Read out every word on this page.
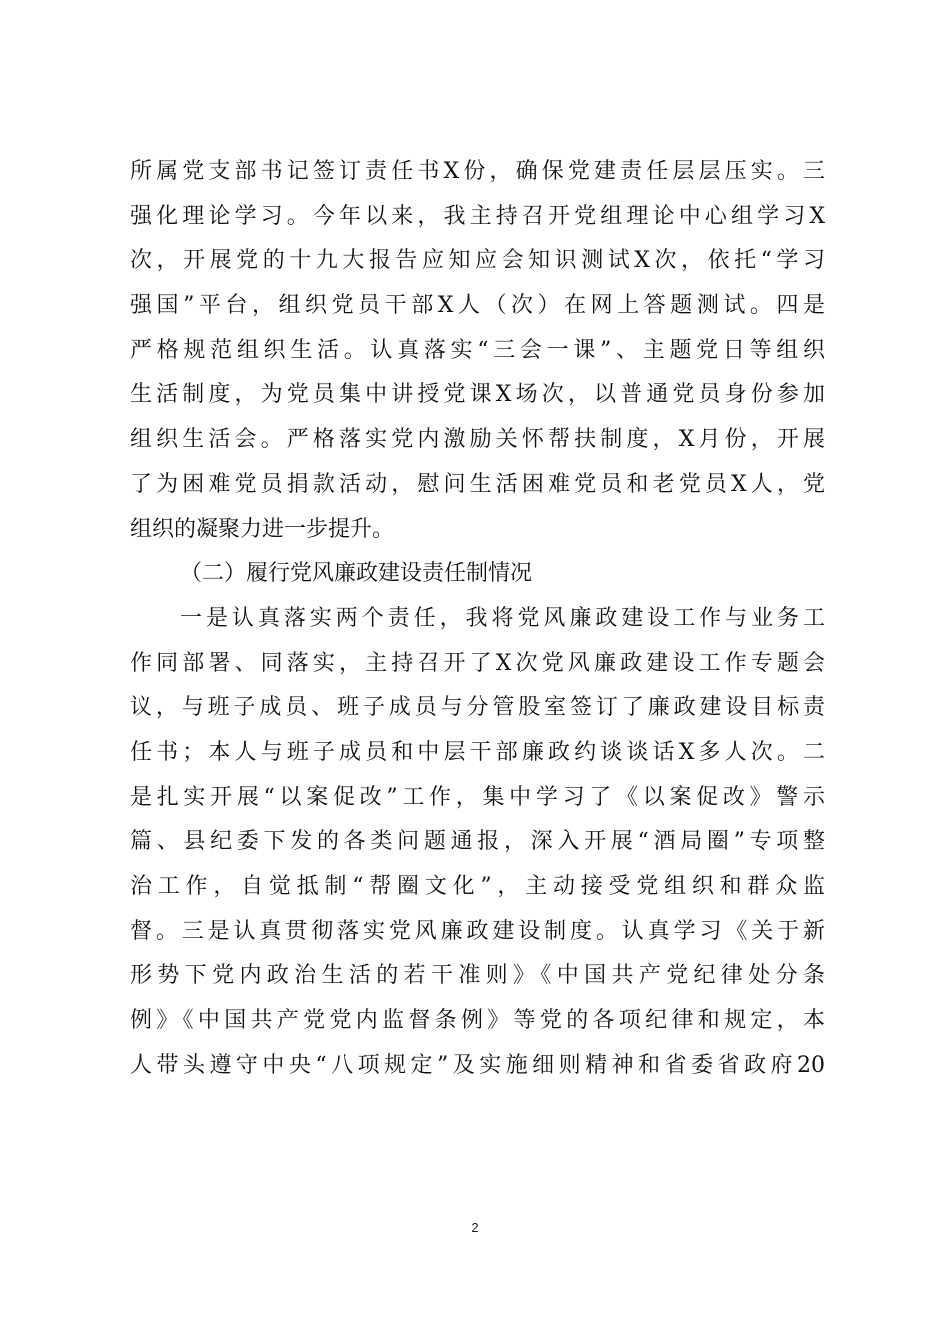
所属党支部书记签订责任书X份，确保党建责任层层压实。三
强化理论学习。今年以来，我主持召开党组理论中心组学习X
次，开展党的十九大报告应知应会知识测试X次，依托“学习
强国”平台，组织党员干部X人（次）在网上答题测试。四是
严格规范组织生活。认真落实“三会一课”、主题党日等组织
生活制度，为党员集中讲授党课X场次，以普通党员身份参加
组织生活会。严格落实党内激励关怀帮扶制度，X月份，开展
了为困难党员捐款活动，慰问生活困难党员和老党员X人，党
组织的凝聚力进一步提升。
（二）履行党风廉政建设责任制情况
一是认真落实两个责任，我将党风廉政建设工作与业务工
作同部署、同落实，主持召开了X次党风廉政建设工作专题会
议，与班子成员、班子成员与分管股室签订了廉政建设目标责
任书；本人与班子成员和中层干部廉政约谈谈话X多人次。二
是扎实开展“以案促改”工作，集中学习了《以案促改》警示
篇、县纪委下发的各类问题通报，深入开展“酒局圈”专项整
治工作，自觉抵制“帮圈文化”，主动接受党组织和群众监
督。三是认真贯彻落实党风廉政建设制度。认真学习《关于新
形势下党内政治生活的若干准则》《中国共产党纪律处分条
例》《中国共产党党内监督条例》等党的各项纪律和规定，本
人带头遵守中央“八项规定”及实施细则精神和省委省政府20
2
